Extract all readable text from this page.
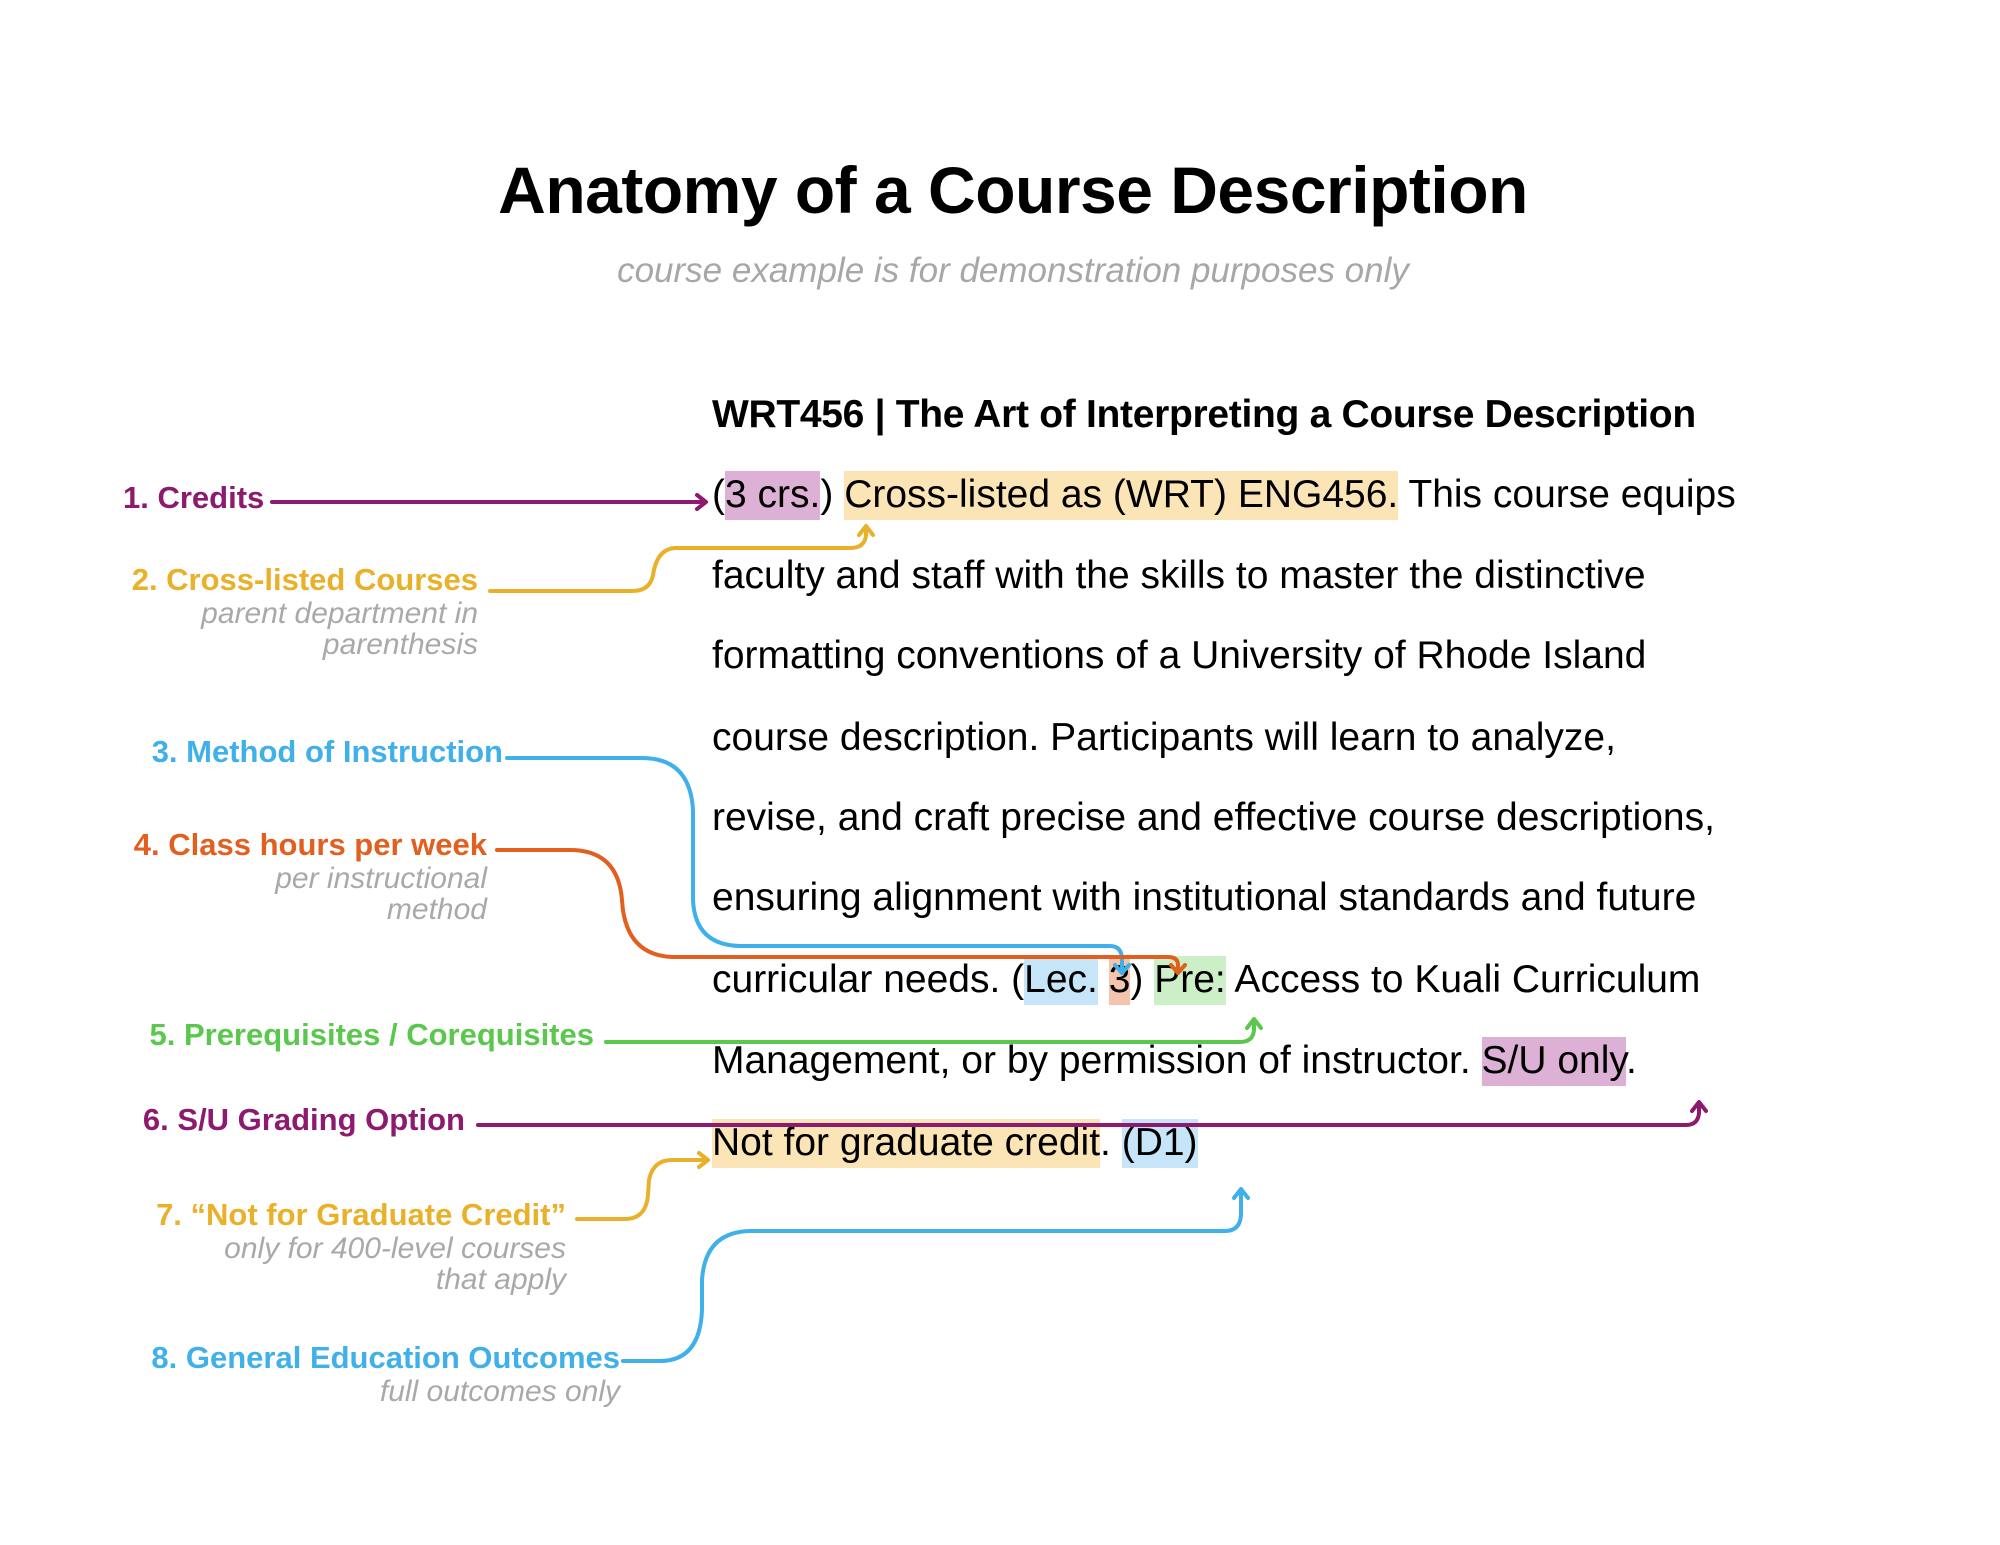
Anatomy of a Course Description
course example is for demonstration purposes only
WRT456 | The Art of Interpreting a Course Description
(3 crs.) Cross-listed as (WRT) ENG456. This course equips
faculty and staff with the skills to master the distinctive
formatting conventions of a University of Rhode Island
course description. Participants will learn to analyze,
revise, and craft precise and effective course descriptions,
ensuring alignment with institutional standards and future
curricular needs. (Lec. 3) Pre: Access to Kuali Curriculum
Management, or by permission of instructor. S/U only.
Not for graduate credit. (D1)
1. Credits
2. Cross-listed Courses
parent department in
parenthesis
3. Method of Instruction
4. Class hours per week
per instructional
method
5. Prerequisites / Corequisites
6. S/U Grading Option
7. “Not for Graduate Credit”
only for 400-level courses
that apply
8. General Education Outcomes
full outcomes only
